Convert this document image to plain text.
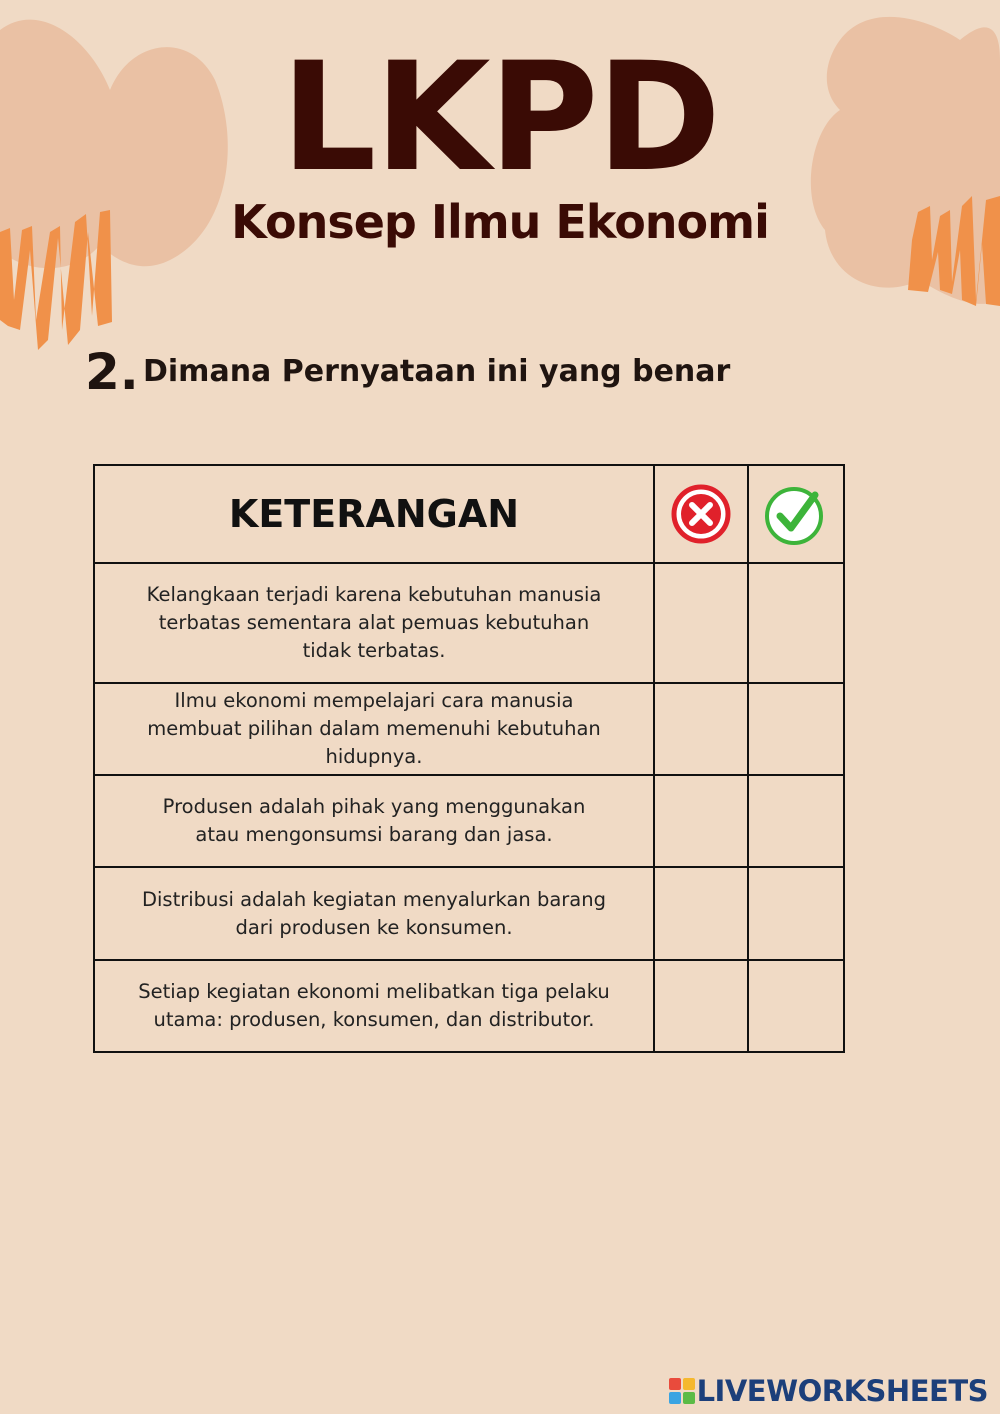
LKPD
Konsep Ilmu Ekonomi
2. Dimana Pernyataan ini yang benar
KETERANGAN		
Kelangkaan terjadi karena kebutuhan manusia terbatas sementara alat pemuas kebutuhan tidak terbatas.		
Ilmu ekonomi mempelajari cara manusia membuat pilihan dalam memenuhi kebutuhan hidupnya.		
Produsen adalah pihak yang menggunakan atau mengonsumsi barang dan jasa.		
Distribusi adalah kegiatan menyalurkan barang dari produsen ke konsumen.		
Setiap kegiatan ekonomi melibatkan tiga pelaku utama: produsen, konsumen, dan distributor.		
LIVEWORKSHEETS
